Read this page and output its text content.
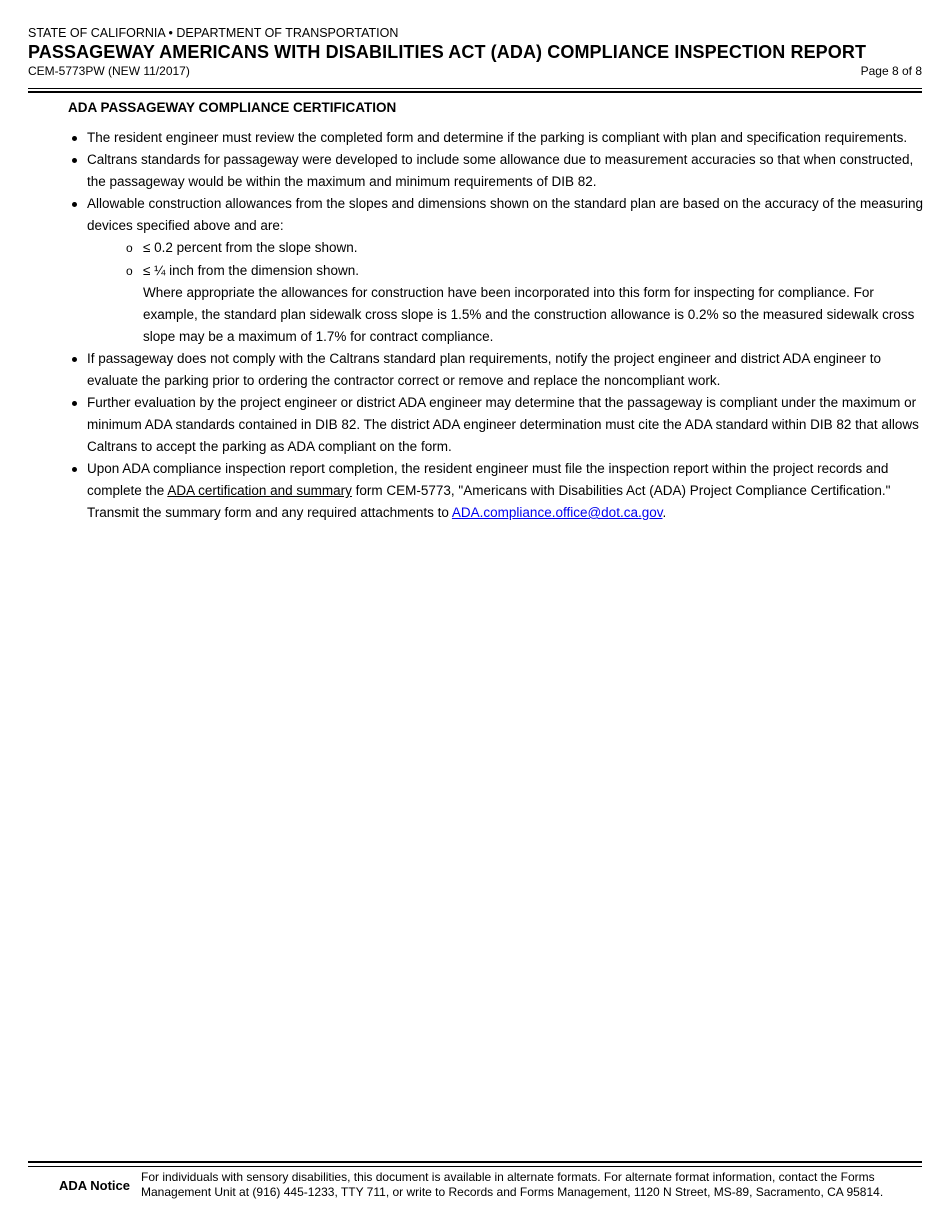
STATE OF CALIFORNIA • DEPARTMENT OF TRANSPORTATION
PASSAGEWAY AMERICANS WITH DISABILITIES ACT (ADA) COMPLIANCE INSPECTION REPORT
CEM-5773PW (NEW 11/2017)	Page 8 of 8
ADA PASSAGEWAY COMPLIANCE CERTIFICATION
The resident engineer must review the completed form and determine if the parking is compliant with plan and specification requirements.
Caltrans standards for passageway were developed to include some allowance due to measurement accuracies so that when constructed, the passageway would be within the maximum and minimum requirements of DIB 82.
Allowable construction allowances from the slopes and dimensions shown on the standard plan are based on the accuracy of the measuring devices specified above and are:
o ≤ 0.2 percent from the slope shown.
o ≤ ¼ inch from the dimension shown.
Where appropriate the allowances for construction have been incorporated into this form for inspecting for compliance. For example, the standard plan sidewalk cross slope is 1.5% and the construction allowance is 0.2% so the measured sidewalk cross slope may be a maximum of 1.7% for contract compliance.
If passageway does not comply with the Caltrans standard plan requirements, notify the project engineer and district ADA engineer to evaluate the parking prior to ordering the contractor correct or remove and replace the noncompliant work.
Further evaluation by the project engineer or district ADA engineer may determine that the passageway is compliant under the maximum or minimum ADA standards contained in DIB 82. The district ADA engineer determination must cite the ADA standard within DIB 82 that allows Caltrans to accept the parking as ADA compliant on the form.
Upon ADA compliance inspection report completion, the resident engineer must file the inspection report within the project records and complete the ADA certification and summary form CEM-5773, "Americans with Disabilities Act (ADA) Project Compliance Certification." Transmit the summary form and any required attachments to ADA.compliance.office@dot.ca.gov.
ADA Notice
For individuals with sensory disabilities, this document is available in alternate formats. For alternate format information, contact the Forms Management Unit at (916) 445-1233, TTY 711, or write to Records and Forms Management, 1120 N Street, MS-89, Sacramento, CA 95814.
